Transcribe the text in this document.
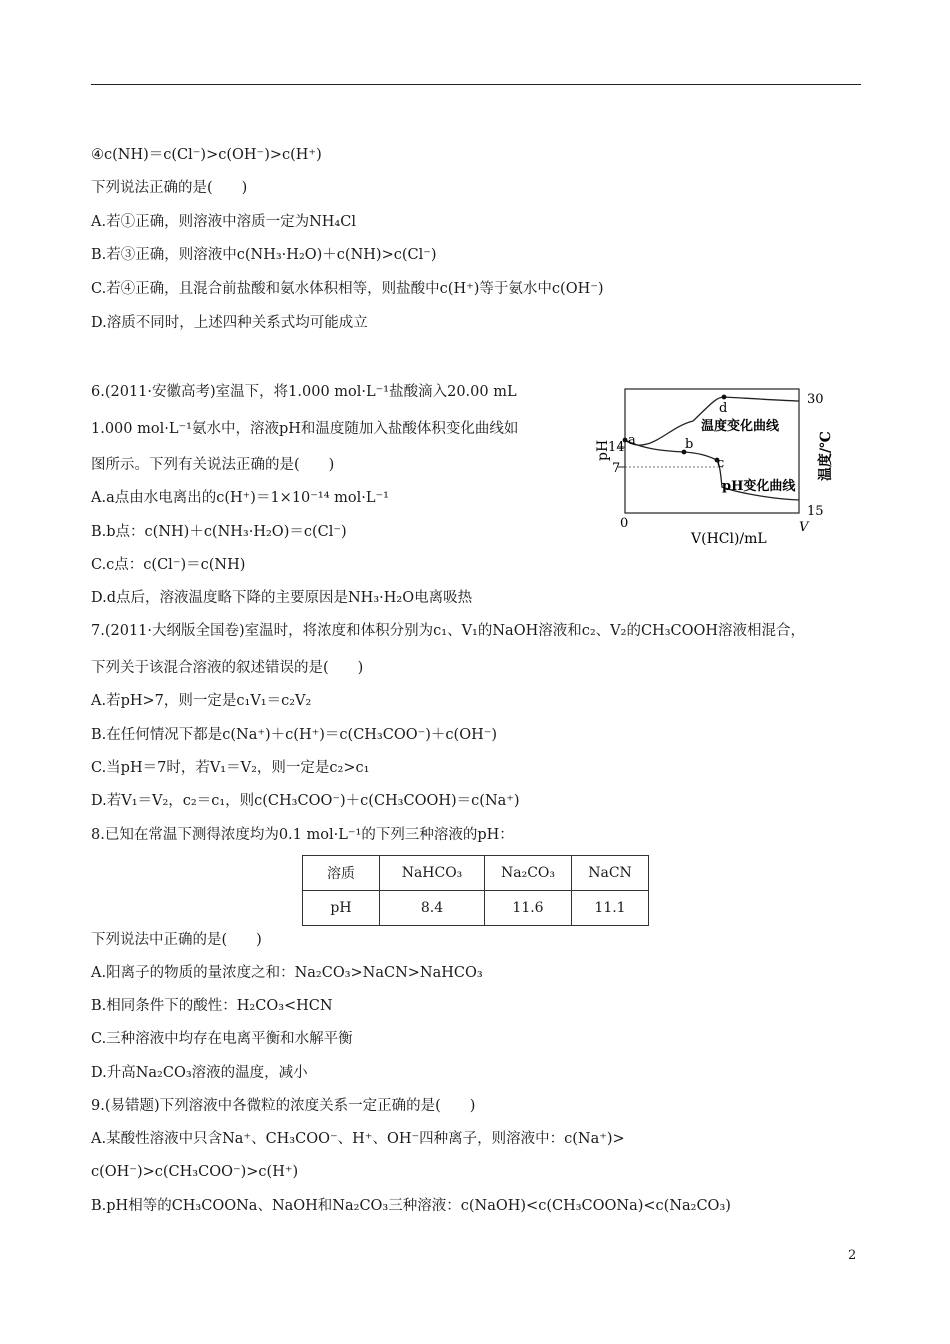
④c(NH)＝c(Cl⁻)>c(OH⁻)>c(H⁺)
下列说法正确的是(　　)
A.若①正确，则溶液中溶质一定为NH₄Cl
B.若③正确，则溶液中c(NH₃·H₂O)＋c(NH)>c(Cl⁻)
C.若④正确，且混合前盐酸和氨水体积相等，则盐酸中c(H⁺)等于氨水中c(OH⁻)
D.溶质不同时，上述四种关系式均可能成立
6.(2011·安徽高考)室温下，将1.000 mol·L⁻¹盐酸滴入20.00 mL
1.000 mol·L⁻¹氨水中，溶液pH和温度随加入盐酸体积变化曲线如
图所示。下列有关说法正确的是(　　)
A.a点由水电离出的c(H⁺)＝1×10⁻¹⁴ mol·L⁻¹
B.b点：c(NH)＋c(NH₃·H₂O)＝c(Cl⁻)
C.c点：c(Cl⁻)＝c(NH)
D.d点后，溶液温度略下降的主要原因是NH₃·H₂O电离吸热
7.(2011·大纲版全国卷)室温时，将浓度和体积分别为c₁、V₁的NaOH溶液和c₂、V₂的CH₃COOH溶液相混合，
下列关于该混合溶液的叙述错误的是(　　)
A.若pH>7，则一定是c₁V₁＝c₂V₂
B.在任何情况下都是c(Na⁺)＋c(H⁺)＝c(CH₃COO⁻)＋c(OH⁻)
C.当pH＝7时，若V₁＝V₂，则一定是c₂>c₁
D.若V₁＝V₂，c₂＝c₁，则c(CH₃COO⁻)＋c(CH₃COOH)＝c(Na⁺)
8.已知在常温下测得浓度均为0.1 mol·L⁻¹的下列三种溶液的pH：
溶质	NaHCO₃	Na₂CO₃	NaCN
pH	8.4	11.6	11.1
下列说法中正确的是(　　)
A.阳离子的物质的量浓度之和：Na₂CO₃>NaCN>NaHCO₃
B.相同条件下的酸性：H₂CO₃<HCN
C.三种溶液中均存在电离平衡和水解平衡
D.升高Na₂CO₃溶液的温度，减小
9.(易错题)下列溶液中各微粒的浓度关系一定正确的是(　　)
A.某酸性溶液中只含Na⁺、CH₃COO⁻、H⁺、OH⁻四种离子，则溶液中：c(Na⁺)>
c(OH⁻)>c(CH₃COO⁻)>c(H⁺)
B.pH相等的CH₃COONa、NaOH和Na₂CO₃三种溶液：c(NaOH)<c(CH₃COONa)<c(Na₂CO₃)
a	b
c
d
温度变化曲线
pH变化曲线
14
7
0	V
30
15
V(HCl)/mL
pH	温度/℃
2
